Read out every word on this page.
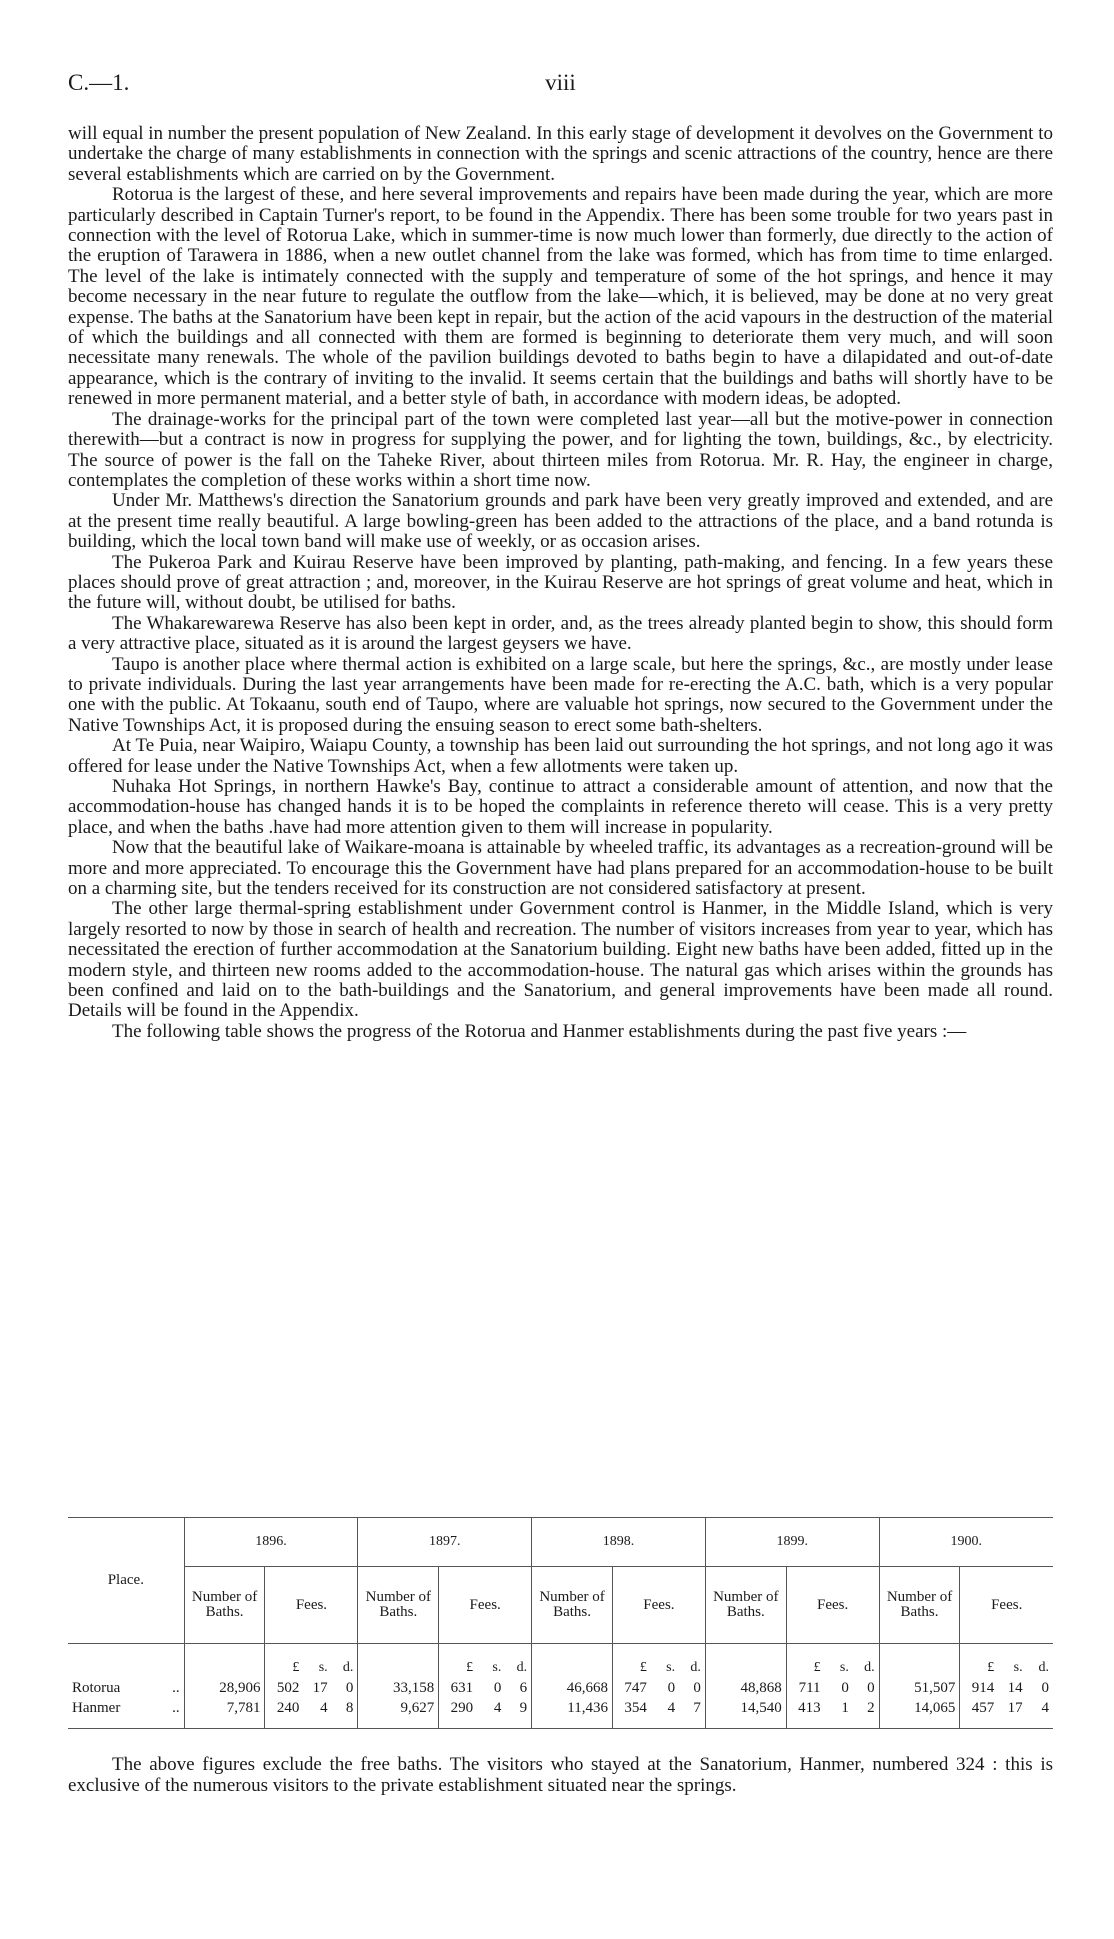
C.—1.	viii

will equal in number the present population of New Zealand. In this early stage of development it devolves on the Government to undertake the charge of many establishments in connection with the springs and scenic attractions of the country, hence are there several establishments which are carried on by the Government.

Rotorua is the largest of these, and here several improvements and repairs have been made during the year, which are more particularly described in Captain Turner's report, to be found in the Appendix. There has been some trouble for two years past in connection with the level of Rotorua Lake, which in summer-time is now much lower than formerly, due directly to the action of the eruption of Tarawera in 1886, when a new outlet channel from the lake was formed, which has from time to time enlarged. The level of the lake is intimately connected with the supply and temperature of some of the hot springs, and hence it may become necessary in the near future to regulate the outflow from the lake—which, it is believed, may be done at no very great expense. The baths at the Sanatorium have been kept in repair, but the action of the acid vapours in the destruction of the material of which the buildings and all connected with them are formed is beginning to deteriorate them very much, and will soon necessitate many renewals. The whole of the pavilion buildings devoted to baths begin to have a dilapidated and out-of-date appearance, which is the contrary of inviting to the invalid. It seems certain that the buildings and baths will shortly have to be renewed in more permanent material, and a better style of bath, in accordance with modern ideas, be adopted.

The drainage-works for the principal part of the town were completed last year—all but the motive-power in connection therewith—but a contract is now in progress for supplying the power, and for lighting the town, buildings, &c., by electricity. The source of power is the fall on the Taheke River, about thirteen miles from Rotorua. Mr. R. Hay, the engineer in charge, contemplates the completion of these works within a short time now.

Under Mr. Matthews's direction the Sanatorium grounds and park have been very greatly improved and extended, and are at the present time really beautiful. A large bowling-green has been added to the attractions of the place, and a band rotunda is building, which the local town band will make use of weekly, or as occasion arises.

The Pukeroa Park and Kuirau Reserve have been improved by planting, path-making, and fencing. In a few years these places should prove of great attraction ; and, moreover, in the Kuirau Reserve are hot springs of great volume and heat, which in the future will, without doubt, be utilised for baths.

The Whakarewarewa Reserve has also been kept in order, and, as the trees already planted begin to show, this should form a very attractive place, situated as it is around the largest geysers we have.

Taupo is another place where thermal action is exhibited on a large scale, but here the springs, &c., are mostly under lease to private individuals. During the last year arrangements have been made for re-erecting the A.C. bath, which is a very popular one with the public. At Tokaanu, south end of Taupo, where are valuable hot springs, now secured to the Government under the Native Townships Act, it is proposed during the ensuing season to erect some bath-shelters.

At Te Puia, near Waipiro, Waiapu County, a township has been laid out surrounding the hot springs, and not long ago it was offered for lease under the Native Townships Act, when a few allotments were taken up.

Nuhaka Hot Springs, in northern Hawke's Bay, continue to attract a considerable amount of attention, and now that the accommodation-house has changed hands it is to be hoped the complaints in reference thereto will cease. This is a very pretty place, and when the baths .have had more attention given to them will increase in popularity.

Now that the beautiful lake of Waikare-moana is attainable by wheeled traffic, its advantages as a recreation-ground will be more and more appreciated. To encourage this the Government have had plans prepared for an accommodation-house to be built on a charming site, but the tenders received for its construction are not considered satisfactory at present.

The other large thermal-spring establishment under Government control is Hanmer, in the Middle Island, which is very largely resorted to now by those in search of health and recreation. The number of visitors increases from year to year, which has necessitated the erection of further accommodation at the Sanatorium building. Eight new baths have been added, fitted up in the modern style, and thirteen new rooms added to the accommodation-house. The natural gas which arises within the grounds has been confined and laid on to the bath-buildings and the Sanatorium, and general improvements have been made all round. Details will be found in the Appendix.

The following table shows the progress of the Rotorua and Hanmer establishments during the past five years :—

Place.	1896.				1897.				1898.				1899.				1900.			
	Number of Baths.	Fees.			Number of Baths.	Fees.			Number of Baths.	Fees.			Number of Baths.	Fees.			Number of Baths.	Fees.		
		£	s.	d.		£	s.	d.		£	s.	d.		£	s.	d.		£	s.	d.
Rotorua ..	28,906	502	17	0	33,158	631	0	6	46,668	747	0	0	48,868	711	0	0	51,507	914	14	0
Hanmer ..	7,781	240	4	8	9,627	290	4	9	11,436	354	4	7	14,540	413	1	2	14,065	457	17	4

The above figures exclude the free baths. The visitors who stayed at the Sanatorium, Hanmer, numbered 324 : this is exclusive of the numerous visitors to the private establishment situated near the springs.
